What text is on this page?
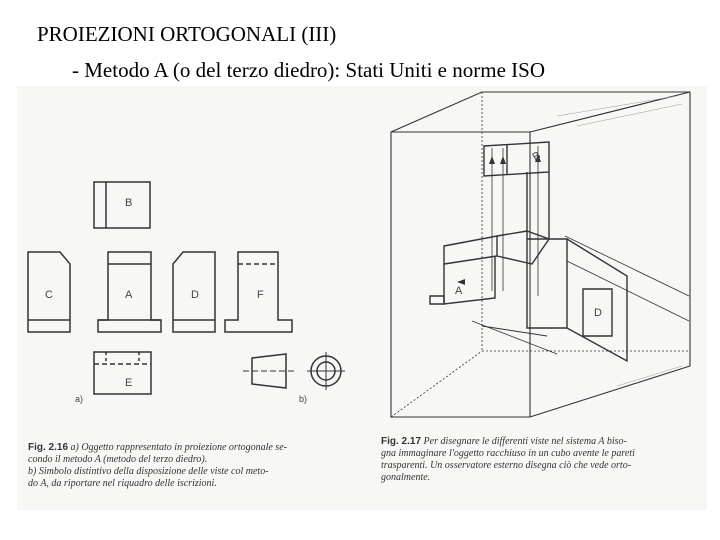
PROIEZIONI ORTOGONALI (III)
- Metodo A (o del terzo diedro): Stati Uniti e norme ISO
B
C	A	D	F
E
a)	b)
B
A
D
Fig. 2.16 a) Oggetto rappresentato in proiezione ortogonale se-
condo il metodo A (metodo del terzo diedro).
b) Simbolo distintivo della disposizione delle viste col meto-
do A, da riportare nel riquadro delle iscrizioni.
Fig. 2.17 Per disegnare le differenti viste nel sistema A biso-
gna immaginare l'oggetto racchiuso in un cubo avente le pareti
trasparenti. Un osservatore esterno disegna ciò che vede orto-
gonalmente.
